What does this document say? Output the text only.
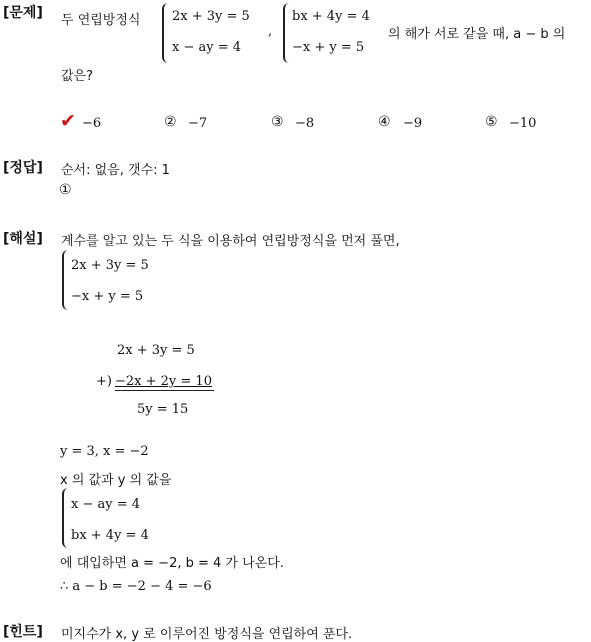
[문제] 두 연립방정식 2x + 3y = 5
x − ay = 4
,
bx + 4y = 4
−x + y = 5
의 해가 서로 같을 때, a − b 의
값은?
✔ −6	② −7	③ −8	④ −9	⑤ −10
[정답] 순서: 없음, 갯수: 1
①
[해설] 계수를 알고 있는 두 식을 이용하여 연립방정식을 먼저 풀면,
2x + 3y = 5
−x + y = 5
2x + 3y = 5
+) −2x + 2y = 10
5y = 15
y = 3, x = −2
x 의 값과 y 의 값을
x − ay = 4
bx + 4y = 4
에 대입하면 a = −2, b = 4 가 나온다.
∴ a − b = −2 − 4 = −6
[힌트] 미지수가 x, y 로 이루어진 방정식을 연립하여 푼다.
